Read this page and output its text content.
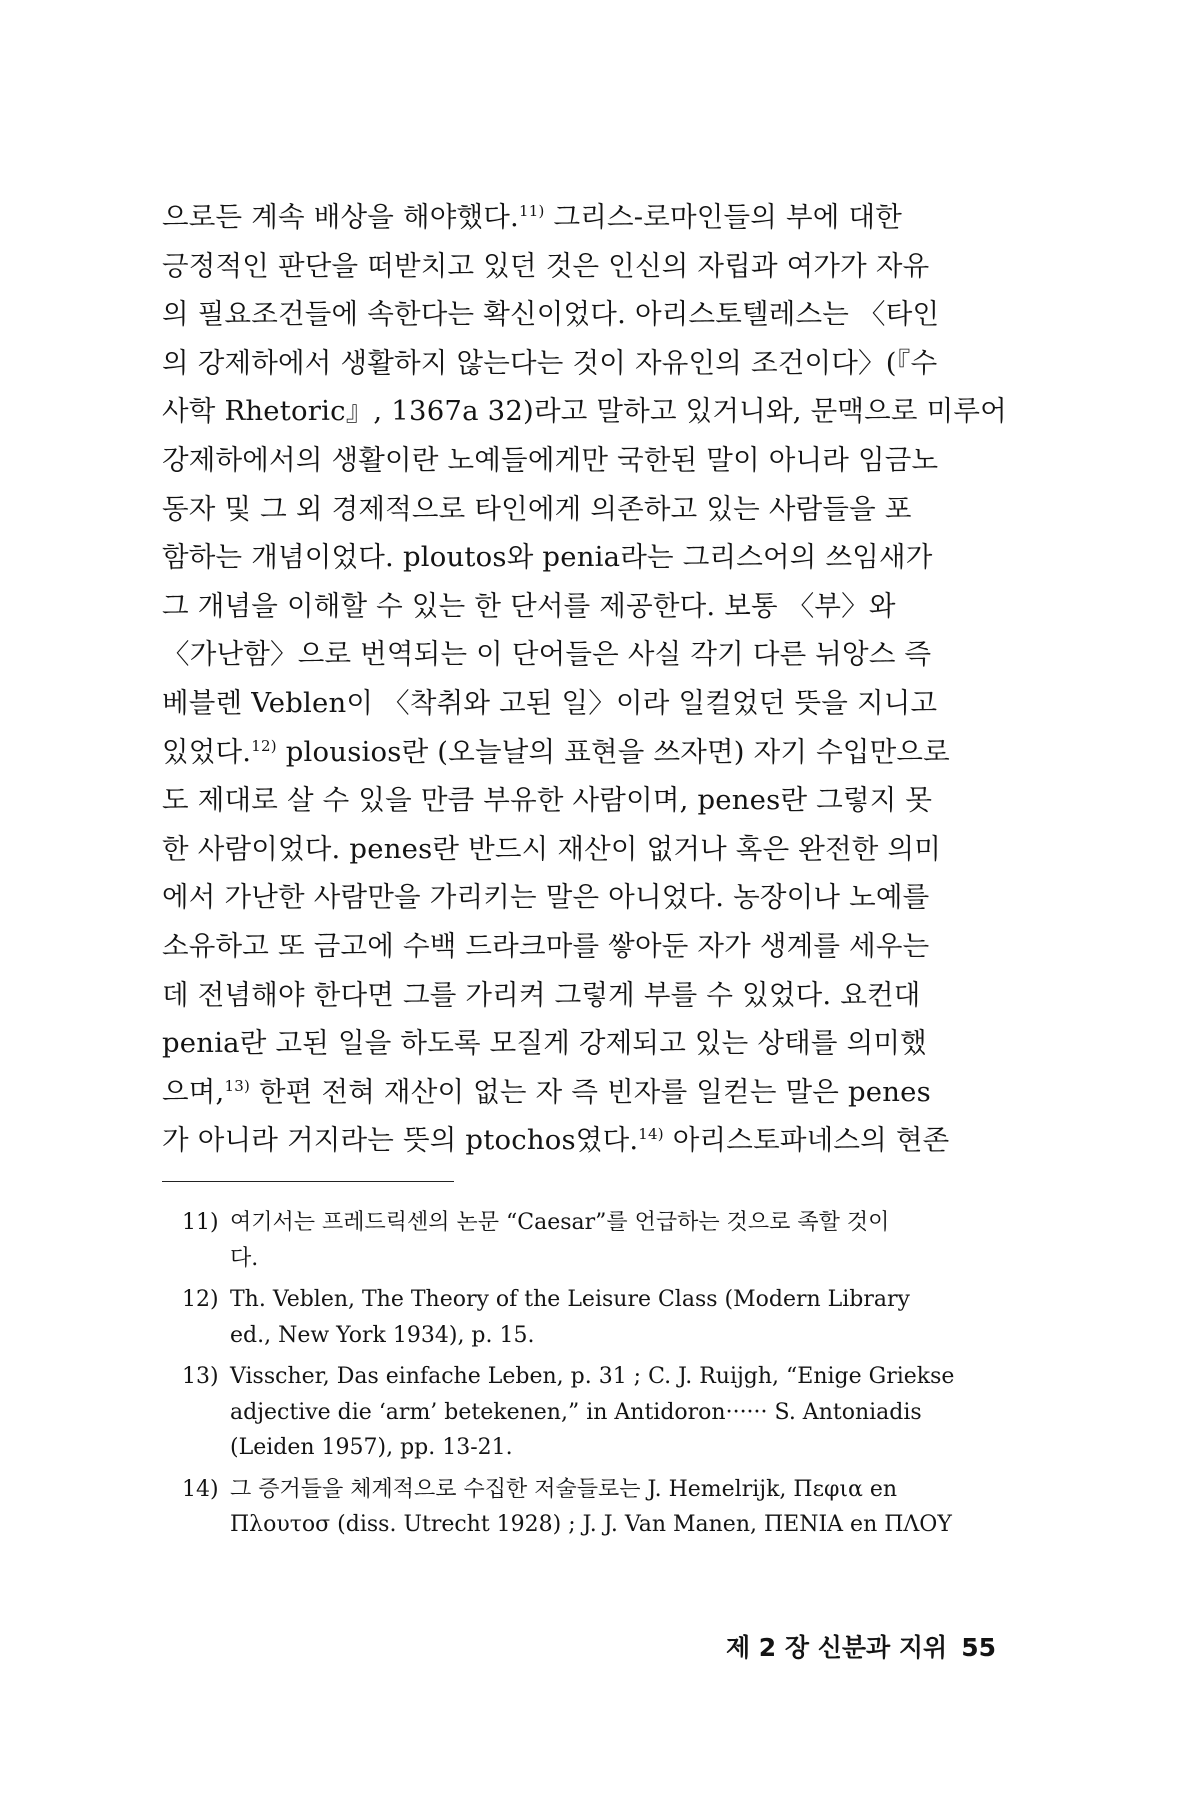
으로든 계속 배상을 해야했다.$^{11)}$ 그리스-로마인들의 부에 대한
긍정적인 판단을 떠받치고 있던 것은 인신의 자립과 여가가 자유
의 필요조건들에 속한다는 확신이었다. 아리스토텔레스는 〈타인
의 강제하에서 생활하지 않는다는 것이 자유인의 조건이다〉(『수
사학 Rhetoric』, 1367a 32)라고 말하고 있거니와, 문맥으로 미루어
강제하에서의 생활이란 노예들에게만 국한된 말이 아니라 임금노
동자 및 그 외 경제적으로 타인에게 의존하고 있는 사람들을 포
함하는 개념이었다. ploutos와 penia라는 그리스어의 쓰임새가
그 개념을 이해할 수 있는 한 단서를 제공한다. 보통 〈부〉와
〈가난함〉으로 번역되는 이 단어들은 사실 각기 다른 뉘앙스 즉
베블렌 Veblen이 〈착취와 고된 일〉이라 일컬었던 뜻을 지니고
있었다.$^{12)}$ plousios란 (오늘날의 표현을 쓰자면) 자기 수입만으로
도 제대로 살 수 있을 만큼 부유한 사람이며, penes란 그렇지 못
한 사람이었다. penes란 반드시 재산이 없거나 혹은 완전한 의미
에서 가난한 사람만을 가리키는 말은 아니었다. 농장이나 노예를
소유하고 또 금고에 수백 드라크마를 쌓아둔 자가 생계를 세우는
데 전념해야 한다면 그를 가리켜 그렇게 부를 수 있었다. 요컨대
penia란 고된 일을 하도록 모질게 강제되고 있는 상태를 의미했
으며,$^{13)}$ 한편 전혀 재산이 없는 자 즉 빈자를 일컫는 말은 penes
가 아니라 거지라는 뜻의 ptochos였다.$^{14)}$ 아리스토파네스의 현존
11) 여기서는 프레드릭센의 논문 “Caesar”를 언급하는 것으로 족할 것이
다.
12) Th. Veblen, The Theory of the Leisure Class (Modern Library
ed., New York 1934), p. 15.
13) Visscher, Das einfache Leben, p. 31 ; C. J. Ruijgh, “Enige Griekse
adjective die ‘arm’ betekenen,” in Antidoron······ S. Antoniadis
(Leiden 1957), pp. 13-21.
14) 그 증거들을 체계적으로 수집한 저술들로는 J. Hemelrijk, Πεφια en
Πλουτοσ (diss. Utrecht 1928) ; J. J. Van Manen, ΠΕΝΙΑ en ΠΛΟΥ
제 2 장 신분과 지위 55
